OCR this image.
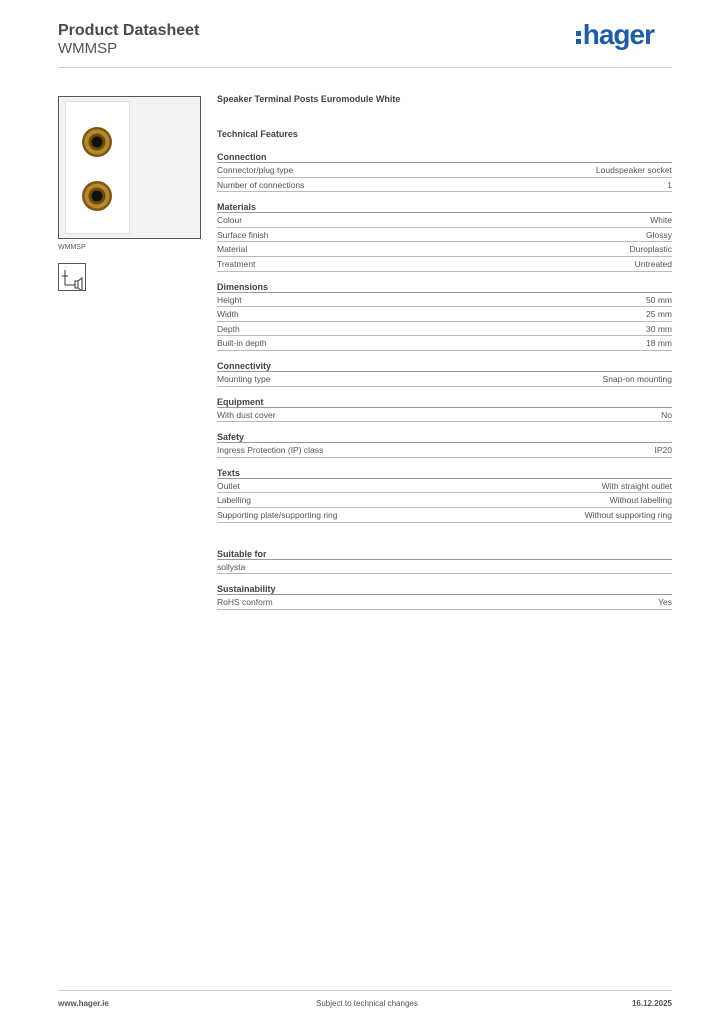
Product Datasheet
WMMSP	hager
WMMSP
Speaker Terminal Posts Euromodule White
Technical Features
Connection
Connector/plug type	Loudspeaker socket
Number of connections	1
Materials
Colour	White
Surface finish	Glossy
Material	Duroplastic
Treatment	Untreated
Dimensions
Height	50 mm
Width	25 mm
Depth	30 mm
Built-in depth	18 mm
Connectivity
Mounting type	Snap-on mounting
Equipment
With dust cover	No
Safety
Ingress Protection (IP) class	IP20
Texts
Outlet	With straight outlet
Labelling	Without labelling
Supporting plate/supporting ring	Without supporting ring
Suitable for
sollysta
Sustainability
RoHS conform	Yes
www.hager.ie	Subject to technical changes	16.12.2025
